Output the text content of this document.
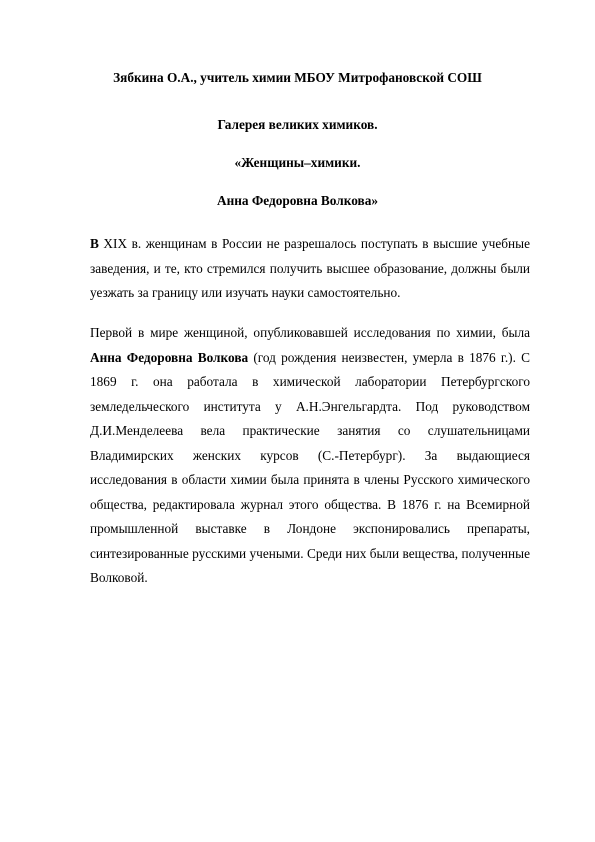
Зябкина О.А., учитель химии МБОУ Митрофановской СОШ
Галерея великих химиков.
«Женщины–химики.
Анна Федоровна Волкова»

В XIX в. женщинам в России не разрешалось поступать в высшие учебные заведения, и те, кто стремился получить высшее образование, должны были уезжать за границу или изучать науки самостоятельно.

Первой в мире женщиной, опубликовавшей исследования по химии, была Анна Федоровна Волкова (год рождения неизвестен, умерла в 1876 г.). С 1869 г. она работала в химической лаборатории Петербургского земледельческого института у А.Н.Энгельгардта. Под руководством Д.И.Менделеева вела практические занятия со слушательницами Владимирских женских курсов (С.-Петербург). За выдающиеся исследования в области химии была принята в члены Русского химического общества, редактировала журнал этого общества. В 1876 г. на Всемирной промышленной выставке в Лондоне экспонировались препараты, синтезированные русскими учеными. Среди них были вещества, полученные Волковой.
